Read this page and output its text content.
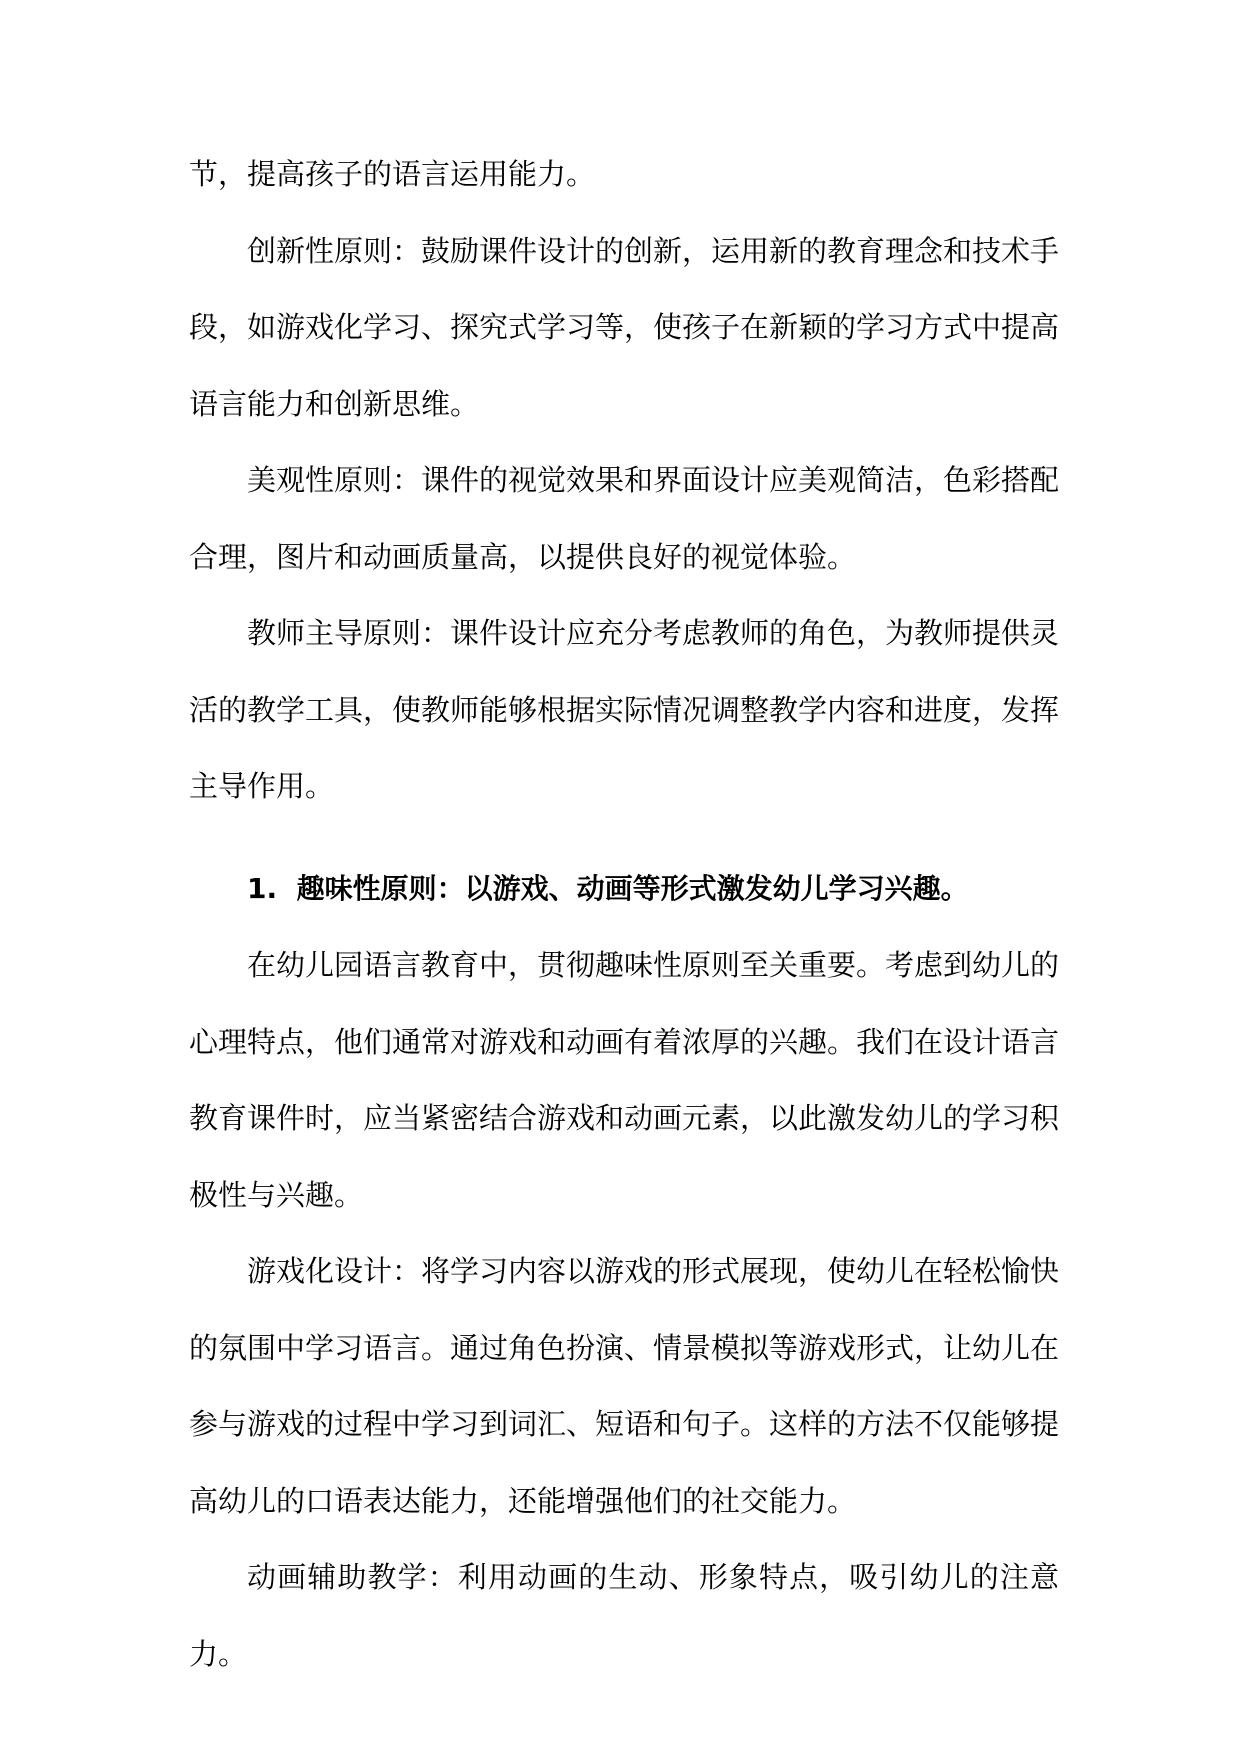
节，提高孩子的语言运用能力。

创新性原则：鼓励课件设计的创新，运用新的教育理念和技术手段，如游戏化学习、探究式学习等，使孩子在新颖的学习方式中提高语言能力和创新思维。

美观性原则：课件的视觉效果和界面设计应美观简洁，色彩搭配合理，图片和动画质量高，以提供良好的视觉体验。

教师主导原则：课件设计应充分考虑教师的角色，为教师提供灵活的教学工具，使教师能够根据实际情况调整教学内容和进度，发挥主导作用。

1. 趣味性原则：以游戏、动画等形式激发幼儿学习兴趣。

在幼儿园语言教育中，贯彻趣味性原则至关重要。考虑到幼儿的心理特点，他们通常对游戏和动画有着浓厚的兴趣。我们在设计语言教育课件时，应当紧密结合游戏和动画元素，以此激发幼儿的学习积极性与兴趣。

游戏化设计：将学习内容以游戏的形式展现，使幼儿在轻松愉快的氛围中学习语言。通过角色扮演、情景模拟等游戏形式，让幼儿在参与游戏的过程中学习到词汇、短语和句子。这样的方法不仅能够提高幼儿的口语表达能力，还能增强他们的社交能力。

动画辅助教学：利用动画的生动、形象特点，吸引幼儿的注意力。
